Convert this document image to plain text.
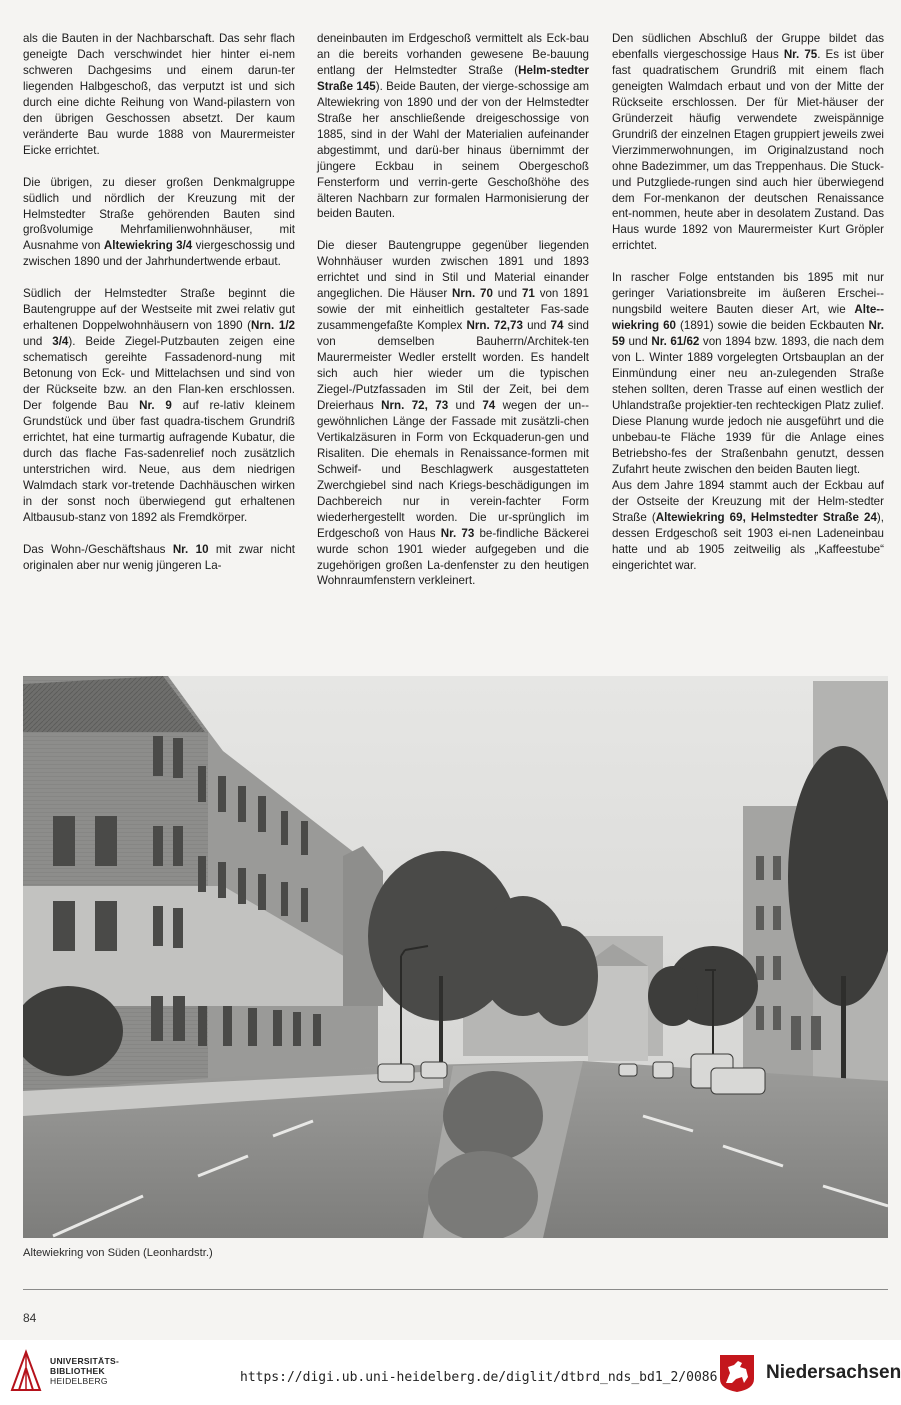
als die Bauten in der Nachbarschaft. Das sehr flach geneigte Dach verschwindet hier hinter ei-nem schweren Dachgesims und einem darun-ter liegenden Halbgeschoß, das verputzt ist und sich durch eine dichte Reihung von Wand-pilastern von den übrigen Geschossen absetzt. Der kaum veränderte Bau wurde 1888 von Maurermeister Eicke errichtet.

Die übrigen, zu dieser großen Denkmalgruppe südlich und nördlich der Kreuzung mit der Helmstedter Straße gehörenden Bauten sind großvolumige Mehrfamilienwohnhäuser, mit Ausnahme von Altewiekring 3/4 viergeschossig und zwischen 1890 und der Jahrhundertwende erbaut.

Südlich der Helmstedter Straße beginnt die Bautengruppe auf der Westseite mit zwei relativ gut erhaltenen Doppelwohnhäusern von 1890 (Nrn. 1/2 und 3/4). Beide Ziegel-Putzbauten zeigen eine schematisch gereihte Fassadenord-nung mit Betonung von Eck- und Mittelachsen und sind von der Rückseite bzw. an den Flan-ken erschlossen. Der folgende Bau Nr. 9 auf re-lativ kleinem Grundstück und über fast quadra-tischem Grundriß errichtet, hat eine turmartig aufragende Kubatur, die durch das flache Fas-sadenrelief noch zusätzlich unterstrichen wird. Neue, aus dem niedrigen Walmdach stark vor-tretende Dachhäuschen wirken in der sonst noch überwiegend gut erhaltenen Altbausub-stanz von 1892 als Fremdkörper.

Das Wohn-/Geschäftshaus Nr. 10 mit zwar nicht originalen aber nur wenig jüngeren La-

deneinbauten im Erdgeschoß vermittelt als Eck-bau an die bereits vorhanden gewesene Be-bauung entlang der Helmstedter Straße (Helm-stedter Straße 145). Beide Bauten, der vierge-schossige am Altewiekring von 1890 und der von der Helmstedter Straße her anschließende dreigeschossige von 1885, sind in der Wahl der Materialien aufeinander abgestimmt, und darü-ber hinaus übernimmt der jüngere Eckbau in seinem Obergeschoß Fensterform und verrin-gerte Geschoßhöhe des älteren Nachbarn zur formalen Harmonisierung der beiden Bauten.

Die dieser Bautengruppe gegenüber liegenden Wohnhäuser wurden zwischen 1891 und 1893 errichtet und sind in Stil und Material einander angeglichen. Die Häuser Nrn. 70 und 71 von 1891 sowie der mit einheitlich gestalteter Fas-sade zusammengefaßte Komplex Nrn. 72,73 und 74 sind von demselben Bauherrn/Architek-ten Maurermeister Wedler erstellt worden. Es handelt sich auch hier wieder um die typischen Ziegel-/Putzfassaden im Stil der Zeit, bei dem Dreierhaus Nrn. 72, 73 und 74 wegen der un-gewöhnlichen Länge der Fassade mit zusätzli-chen Vertikalzäsuren in Form von Eckquaderun-gen und Risaliten. Die ehemals in Renaissance-formen mit Schweif- und Beschlagwerk ausgestatteten Zwerchgiebel sind nach Kriegs-beschädigungen im Dachbereich nur in verein-fachter Form wiederhergestellt worden. Die ur-sprünglich im Erdgeschoß von Haus Nr. 73 be-findliche Bäckerei wurde schon 1901 wieder aufgegeben und die zugehörigen großen La-denfenster zu den heutigen Wohnraumfenstern verkleinert.

Den südlichen Abschluß der Gruppe bildet das ebenfalls viergeschossige Haus Nr. 75. Es ist über fast quadratischem Grundriß mit einem flach geneigten Walmdach erbaut und von der Mitte der Rückseite erschlossen. Der für Miet-häuser der Gründerzeit häufig verwendete zweispännige Grundriß der einzelnen Etagen gruppiert jeweils zwei Vierzimmerwohnungen, im Originalzustand noch ohne Badezimmer, um das Treppenhaus. Die Stuck- und Putzgliede-rungen sind auch hier überwiegend dem For-menkanon der deutschen Renaissance ent-nommen, heute aber in desolatem Zustand. Das Haus wurde 1892 von Maurermeister Kurt Gröpler errichtet.

In rascher Folge entstanden bis 1895 mit nur geringer Variationsbreite im äußeren Erschei-nungsbild weitere Bauten dieser Art, wie Alte-wiekring 60 (1891) sowie die beiden Eckbauten Nr. 59 und Nr. 61/62 von 1894 bzw. 1893, die nach dem von L. Winter 1889 vorgelegten Ortsbauplan an der Einmündung einer neu an-zulegenden Straße stehen sollten, deren Trasse auf einen westlich der Uhlandstraße projektier-ten rechteckigen Platz zulief. Diese Planung wurde jedoch nie ausgeführt und die unbebau-te Fläche 1939 für die Anlage eines Betriebsho-fes der Straßenbahn genutzt, dessen Zufahrt heute zwischen den beiden Bauten liegt.

Aus dem Jahre 1894 stammt auch der Eckbau auf der Ostseite der Kreuzung mit der Helm-stedter Straße (Altewiekring 69, Helmstedter Straße 24), dessen Erdgeschoß seit 1903 ei-nen Ladeneinbau hatte und ab 1905 zeitweilig als „Kaffeestube“ eingerichtet war.

Altewiekring von Süden (Leonhardstr.)
84
UNIVERSITÄTS-
BIBLIOTHEK
HEIDELBERG	https://digi.ub.uni-heidelberg.de/diglit/dtbrd_nds_bd1_2/0086	Niedersachsen
